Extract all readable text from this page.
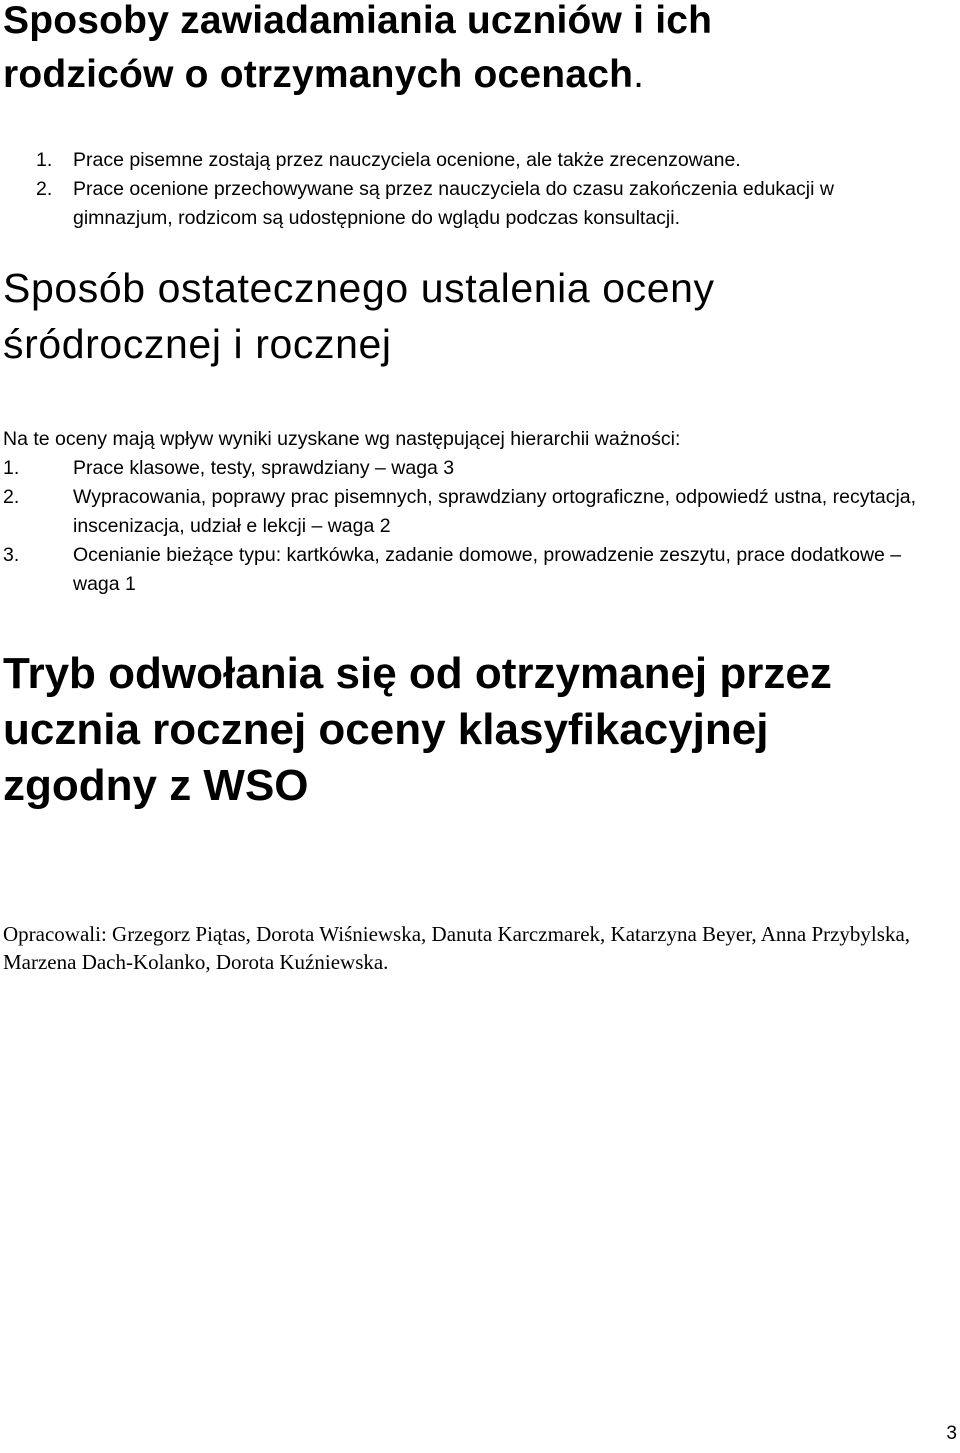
Sposoby zawiadamiania uczniów i ich
rodziców o otrzymanych ocenach.
1. Prace pisemne zostają przez nauczyciela ocenione, ale także zrecenzowane.
2. Prace ocenione przechowywane są przez nauczyciela do czasu zakończenia edukacji w gimnazjum, rodzicom są udostępnione do wglądu podczas konsultacji.
Sposób ostatecznego ustalenia oceny
śródrocznej i rocznej

Na te oceny mają wpływ wyniki uzyskane wg następującej hierarchii ważności:

1.	Prace klasowe, testy, sprawdziany – waga 3
2.	Wypracowania, poprawy prac pisemnych, sprawdziany ortograficzne, odpowiedź ustna, recytacja, inscenizacja, udział e lekcji – waga 2
3.	Ocenianie bieżące typu: kartkówka, zadanie domowe, prowadzenie zeszytu, prace dodatkowe – waga 1
Tryb odwołania się od otrzymanej przez
ucznia rocznej oceny klasyfikacyjnej
zgodny z WSO

Opracowali: Grzegorz Piątas, Dorota Wiśniewska, Danuta Karczmarek, Katarzyna Beyer, Anna Przybylska, Marzena Dach-Kolanko, Dorota Kuźniewska.

3
